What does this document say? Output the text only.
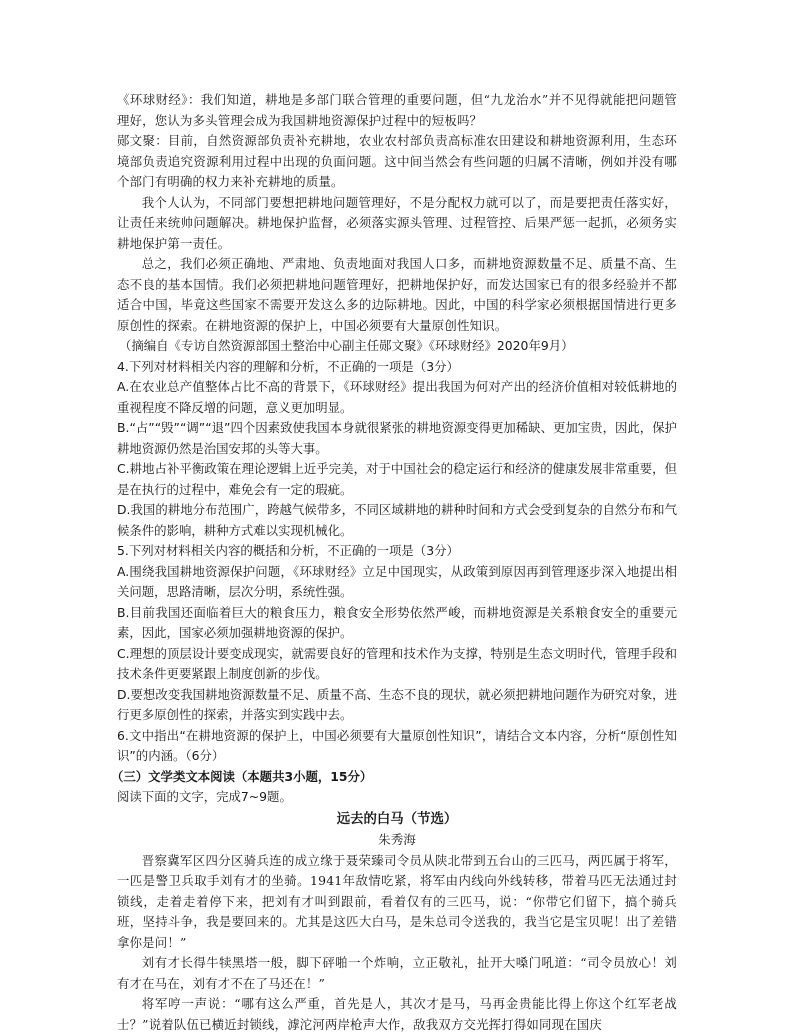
《环球财经》：我们知道，耕地是多部门联合管理的重要问题，但“九龙治水”并不见得就能把问题管理好，您认为多头管理会成为我国耕地资源保护过程中的短板吗？

郧文聚：目前，自然资源部负责补充耕地，农业农村部负责高标准农田建设和耕地资源利用，生态环境部负责追究资源利用过程中出现的负面问题。这中间当然会有些问题的归属不清晰，例如并没有哪个部门有明确的权力来补充耕地的质量。

我个人认为，不同部门要想把耕地问题管理好，不是分配权力就可以了，而是要把责任落实好，让责任来统帅问题解决。耕地保护监督，必须落实源头管理、过程管控、后果严惩一起抓，必须务实耕地保护第一责任。

总之，我们必须正确地、严肃地、负责地面对我国人口多，而耕地资源数量不足、质量不高、生态不良的基本国情。我们必须把耕地问题管理好，把耕地保护好，而发达国家已有的很多经验并不都适合中国，毕竟这些国家不需要开发这么多的边际耕地。因此，中国的科学家必须根据国情进行更多原创性的探索。在耕地资源的保护上，中国必须要有大量原创性知识。

（摘编自《专访自然资源部国土整治中心副主任郧文聚》《环球财经》2020年9月）

4.下列对材料相关内容的理解和分析，不正确的一项是（3分）

A.在农业总产值整体占比不高的背景下，《环球财经》提出我国为何对产出的经济价值相对较低耕地的重视程度不降反增的问题，意义更加明显。

B.“占”“毁”“调”“退”四个因素致使我国本身就很紧张的耕地资源变得更加稀缺、更加宝贵，因此，保护耕地资源仍然是治国安邦的头等大事。

C.耕地占补平衡政策在理论逻辑上近乎完美，对于中国社会的稳定运行和经济的健康发展非常重要，但是在执行的过程中，难免会有一定的瑕疵。

D.我国的耕地分布范围广，跨越气候带多，不同区域耕地的耕种时间和方式会受到复杂的自然分布和气候条件的影响，耕种方式难以实现机械化。

5.下列对材料相关内容的概括和分析，不正确的一项是（3分）

A.围绕我国耕地资源保护问题，《环球财经》立足中国现实，从政策到原因再到管理逐步深入地提出相关问题，思路清晰，层次分明，系统性强。

B.目前我国还面临着巨大的粮食压力，粮食安全形势依然严峻，而耕地资源是关系粮食安全的重要元素，因此，国家必须加强耕地资源的保护。

C.理想的顶层设计要变成现实，就需要良好的管理和技术作为支撑，特别是生态文明时代，管理手段和技术条件更要紧跟上制度创新的步伐。

D.要想改变我国耕地资源数量不足、质量不高、生态不良的现状，就必须把耕地问题作为研究对象，进行更多原创性的探索，并落实到实践中去。

6.文中指出“在耕地资源的保护上，中国必须要有大量原创性知识”，请结合文本内容，分析“原创性知识”的内涵。（6分）

（三）文学类文本阅读（本题共3小题，15分）

阅读下面的文字，完成7~9题。

远去的白马（节选）

朱秀海

晋察冀军区四分区骑兵连的成立缘于聂荣臻司令员从陕北带到五台山的三匹马，两匹属于将军，一匹是警卫兵取手刘有才的坐骑。1941年敌情吃紧，将军由内线向外线转移，带着马匹无法通过封锁线，走着走着停下来，把刘有才叫到跟前，看着仅有的三匹马，说：“你带它们留下，搞个骑兵班，坚持斗争，我是要回来的。尤其是这匹大白马，是朱总司令送我的，我当它是宝贝呢！出了差错拿你是问！”

刘有才长得牛犊黑塔一般，脚下砰啪一个炸响，立正敬礼，扯开大嗓门吼道：“司令员放心！刘有才在马在，刘有才不在了马还在！”

将军哼一声说：“哪有这么严重，首先是人，其次才是马，马再金贵能比得上你这个红军老战士？”说着队伍已横近封锁线，滹沱河两岸枪声大作，敌我双方交光挥打得如同现在国庆
